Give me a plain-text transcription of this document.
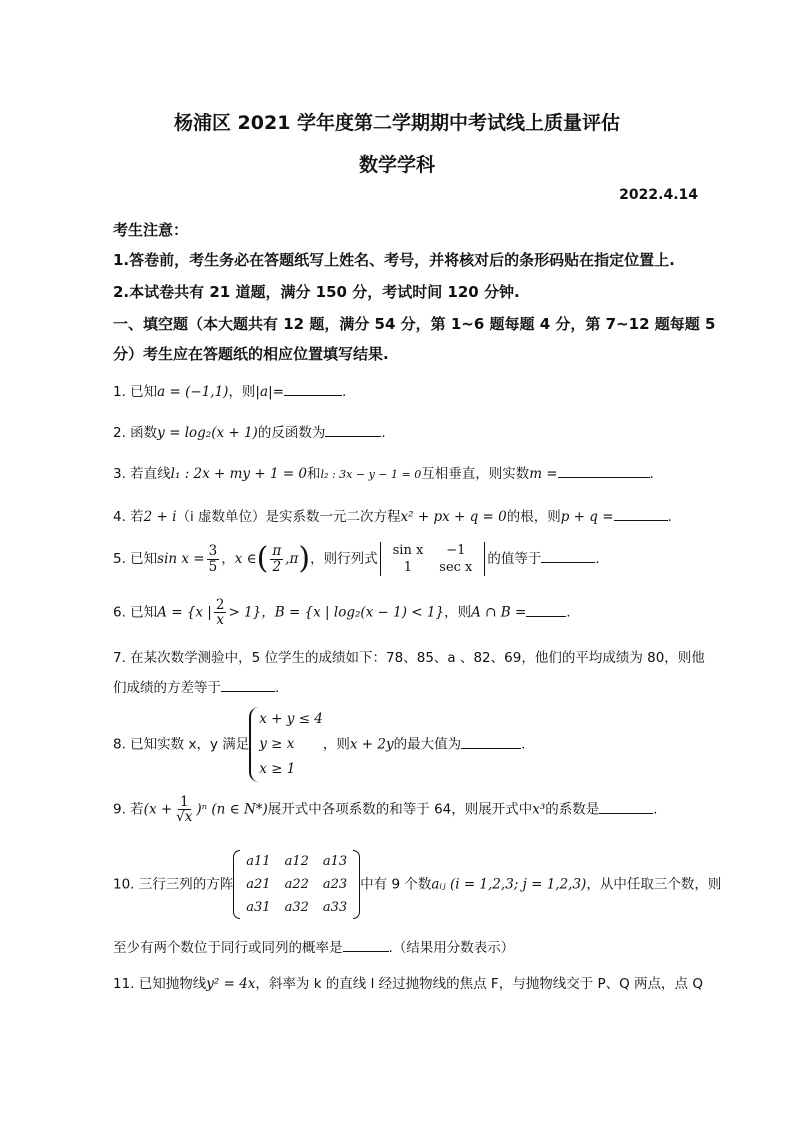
杨浦区 2021 学年度第二学期期中考试线上质量评估
数学学科
2022.4.14
考生注意：
1.答卷前，考生务必在答题纸写上姓名、考号，并将核对后的条形码贴在指定位置上.
2.本试卷共有 21 道题，满分 150 分，考试时间 120 分钟.
一、填空题（本大题共有 12 题，满分 54 分，第 1~6 题每题 4 分，第 7~12 题每题 5
分）考生应在答题纸的相应位置填写结果.
1. 已知a = (−1,1)，则|a|=	.
2. 函数y = log₂(x + 1)的反函数为	.
3. 若直线l₁ : 2x + my + 1 = 0和l₂ : 3x − y − 1 = 0互相垂直，则实数m =	.
4. 若2 + i（i 虚数单位）是实系数一元二次方程x² + px + q = 0的根，则p + q =	.
5. 已知$\sin x = \frac{3}{5}$ ，x ∈( $\frac{\pi}{2} ,\pi$)，则行列式
sin x	−1
1	sec x
的值等于	.
6. 已知A = {x | $\frac{2}{x} > 1$}，B = {x | log₂(x − 1) < 1}，则A ∩ B =	.
7. 在某次数学测验中，5 位学生的成绩如下：78、85、a 、82、69，他们的平均成绩为 80，则他
们成绩的方差等于	.
8. 已知实数 x，y 满足x + y ≤ 4
y ≥ x
x ≥ 1，则x + 2y的最大值为	.
9. 若$(x + \frac{1}{√x} )^n$ (n ∈ N*)展开式中各项系数的和等于 64，则展开式中x³的系数是	.
10. 三行三列的方阵
a11	a12	a13
a21	a22	a23
a31	a32	a33
中有 9 个数aᵢⱼ (i = 1,2,3; j = 1,2,3)，从中任取三个数，则
至少有两个数位于同行或同列的概率是	.（结果用分数表示）
11. 已知抛物线y² = 4x，斜率为 k 的直线 l 经过抛物线的焦点 F，与抛物线交于 P、Q 两点，点 Q
